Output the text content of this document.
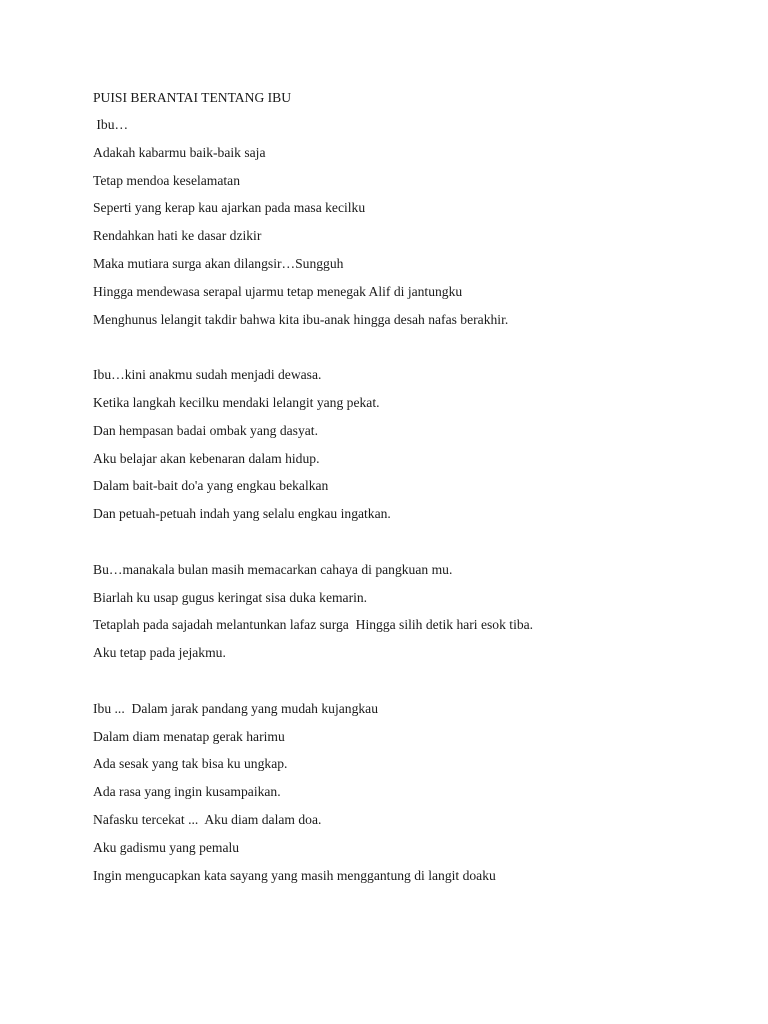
PUISI BERANTAI TENTANG IBU
Ibu…
Adakah kabarmu baik-baik saja
Tetap mendoa keselamatan
Seperti yang kerap kau ajarkan pada masa kecilku
Rendahkan hati ke dasar dzikir
Maka mutiara surga akan dilangsir…Sungguh
Hingga mendewasa serapal ujarmu tetap menegak Alif di jantungku
Menghunus lelangit takdir bahwa kita ibu-anak hingga desah nafas berakhir.
Ibu…kini anakmu sudah menjadi dewasa.
Ketika langkah kecilku mendaki lelangit yang pekat.
Dan hempasan badai ombak yang dasyat.
Aku belajar akan kebenaran dalam hidup.
Dalam bait-bait do'a yang engkau bekalkan
Dan petuah-petuah indah yang selalu engkau ingatkan.
Bu…manakala bulan masih memacarkan cahaya di pangkuan mu.
Biarlah ku usap gugus keringat sisa duka kemarin.
Tetaplah pada sajadah melantunkan lafaz surga  Hingga silih detik hari esok tiba.
Aku tetap pada jejakmu.
Ibu ...  Dalam jarak pandang yang mudah kujangkau
Dalam diam menatap gerak harimu
Ada sesak yang tak bisa ku ungkap.
Ada rasa yang ingin kusampaikan.
Nafasku tercekat ...  Aku diam dalam doa.
Aku gadismu yang pemalu
Ingin mengucapkan kata sayang yang masih menggantung di langit doaku
